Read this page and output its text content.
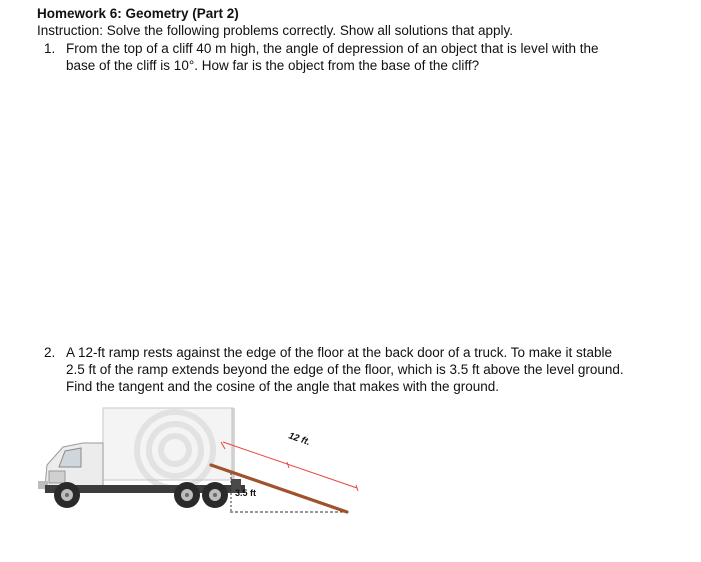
Homework 6: Geometry (Part 2)

Instruction: Solve the following problems correctly. Show all solutions that apply.

1. From the top of a cliff 40 m high, the angle of depression of an object that is level with the

base of the cliff is 10°. How far is the object from the base of the cliff?

2. A 12-ft ramp rests against the edge of the floor at the back door of a truck. To make it stable

2.5 ft of the ramp extends beyond the edge of the floor, which is 3.5 ft above the level ground.

Find the tangent and the cosine of the angle that makes with the ground.

12 ft.
3.5 ft
